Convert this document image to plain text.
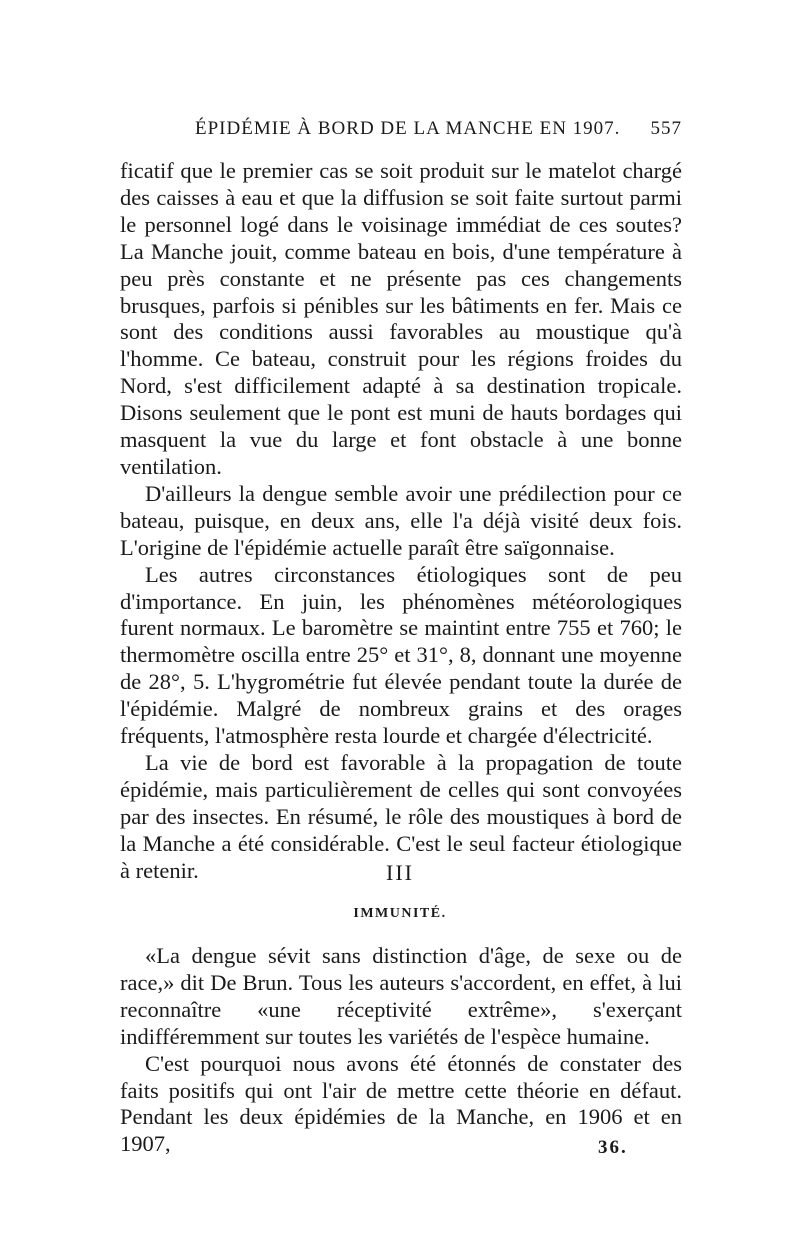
ÉPIDÉMIE À BORD DE LA MANCHE EN 1907. 557

ficatif que le premier cas se soit produit sur le matelot chargé des caisses à eau et que la diffusion se soit faite surtout parmi le personnel logé dans le voisinage immédiat de ces soutes? La Manche jouit, comme bateau en bois, d'une température à peu près constante et ne présente pas ces changements brusques, parfois si pénibles sur les bâtiments en fer. Mais ce sont des conditions aussi favorables au moustique qu'à l'homme. Ce bateau, construit pour les régions froides du Nord, s'est difficilement adapté à sa destination tropicale. Disons seulement que le pont est muni de hauts bordages qui masquent la vue du large et font obstacle à une bonne ventilation.

D'ailleurs la dengue semble avoir une prédilection pour ce bateau, puisque, en deux ans, elle l'a déjà visité deux fois. L'origine de l'épidémie actuelle paraît être saïgonnaise.

Les autres circonstances étiologiques sont de peu d'importance. En juin, les phénomènes météorologiques furent normaux. Le baromètre se maintint entre 755 et 760; le thermomètre oscilla entre 25° et 31°, 8, donnant une moyenne de 28°, 5. L'hygrométrie fut élevée pendant toute la durée de l'épidémie. Malgré de nombreux grains et des orages fréquents, l'atmosphère resta lourde et chargée d'électricité.

La vie de bord est favorable à la propagation de toute épidémie, mais particulièrement de celles qui sont convoyées par des insectes. En résumé, le rôle des moustiques à bord de la Manche a été considérable. C'est le seul facteur étiologique à retenir.	III
IMMUNITÉ.

«La dengue sévit sans distinction d'âge, de sexe ou de race,» dit De Brun. Tous les auteurs s'accordent, en effet, à lui reconnaître «une réceptivité extrême», s'exerçant indifféremment sur toutes les variétés de l'espèce humaine.

C'est pourquoi nous avons été étonnés de constater des faits positifs qui ont l'air de mettre cette théorie en défaut. Pendant les deux épidémies de la Manche, en 1906 et en 1907,	36.
